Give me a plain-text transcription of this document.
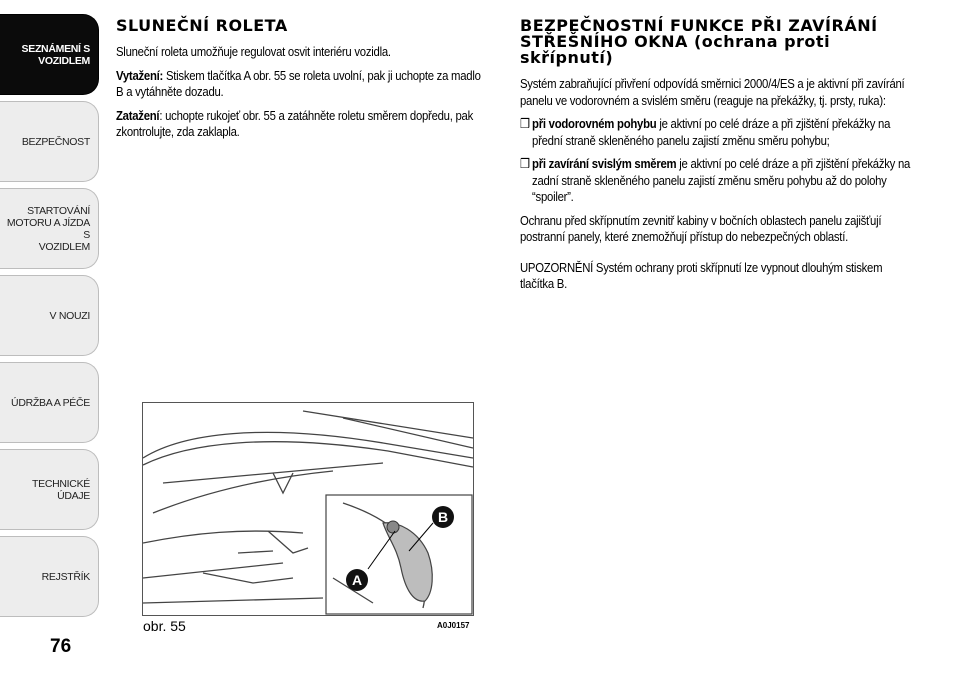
SEZNÁMENÍ S
VOZIDLEM
BEZPEČNOST
STARTOVÁNÍ
MOTORU A JÍZDA S
VOZIDLEM
V NOUZI
ÚDRŽBA A PÉČE
TECHNICKÉ ÚDAJE
REJSTŘÍK
76
SLUNEČNÍ ROLETA

Sluneční roleta umožňuje regulovat osvit interiéru vozidla.

Vytažení: Stiskem tlačítka A obr. 55 se roleta uvolní, pak ji uchopte za madlo B a vytáhněte dozadu.

Zatažení: uchopte rukojeť obr. 55 a zatáhněte roletu směrem dopředu, pak zkontrolujte, zda zaklapla.

BEZPEČNOSTNÍ FUNKCE PŘI ZAVÍRÁNÍ STŘEŠNÍHO OKNA (ochrana proti skřípnutí)

Systém zabraňující přivření odpovídá směrnici 2000/4/ES a je aktivní při zavírání panelu ve vodorovném a svislém směru (reaguje na překážky, tj. prsty, ruka):

❒ při vodorovném pohybu je aktivní po celé dráze a při zjištění překážky na přední straně skleněného panelu zajistí změnu směru pohybu;

❒ při zavírání svislým směrem je aktivní po celé dráze a při zjištění překážky na zadní straně skleněného panelu zajistí změnu směru pohybu až do polohy “spoiler”.

Ochranu před skřípnutím zevnitř kabiny v bočních oblastech panelu zajišťují postranní panely, které znemožňují přístup do nebezpečných oblastí.

UPOZORNĚNÍ Systém ochrany proti skřípnutí lze vypnout dlouhým stiskem tlačítka B.

B
A
obr. 55	A0J0157
